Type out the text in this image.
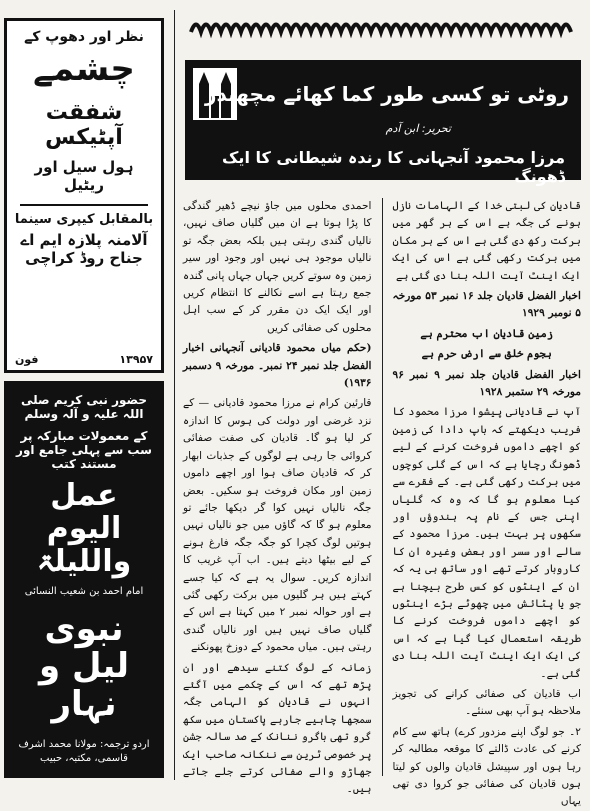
نظر اور دھوپ کے
چشمے
شفقت آپٹیکس
ہول سیل اور ریٹیل
بالمقابل کیپری سینما
آلامنہ پلازہ ایم اے جناح روڈ کراچی
۱۳۹۵۷
فون
حضور نبی کریم صلی اللہ علیہ و آلہ وسلم
کے معمولات مبارکہ پر سب سے پہلی جامع اور مستند کتب
عمل الیوم واللیلۃ
امام احمد بن شعیب النسائی
نبوی لیل و نہار
اردو ترجمہ: مولانا محمد اشرف قاسمی، مکتبہ، حبیب
روٹی تو کسی طور کما کھائے مچھندر
تحریر: ابن آدم
مرزا محمود آنجہانی کا رندہ شیطانی کا ایک ڈھونگ

قادیان کی لبتی خدا کے الہامات نازل ہونے کی جگہ ہے اس کے ہر گھر میں برکت رکھ دی گئی ہے اس کے ہر مکان میں برکت رکھی گئی ہے اس کی ایک ایک اینٹ آیت اللہ بنا دی گئی ہے

اخبار الفضل قادیان جلد ۱۶ نمبر ۵۳ مورخہ ۵ نومبر ۱۹۲۹

زمین قادیان اب محترم ہے

ہجوم خلق سے ارض حرم ہے

اخبار الفضل قادیان جلد نمبر ۹ نمبر ۹۶ مورخہ ۲۹ ستمبر ۱۹۲۸

آپ نے قادیانی پیشوا مرزا محمود کا فریب دیکھتے کہ باپ دادا کی زمین کو اچھے داموں فروخت کرنے کے لیے ڈھونگ رچایا ہے کہ اس کے گلی کوچوں میں برکت رکھی گئی ہے۔ کے فقرے سے کیا معلوم ہو گا کہ وہ کہ گلیاں اپنی جس کے نام پہ ہندوؤں اور سکھوں پر بہت ہیں۔ مرزا محمود کے سالے اور سسر اور بعض وغیرہ ان کا کاروبار کرتے تھے اور ساتھ ہی یہ کہ ان کے اینٹوں کو کس طرح بیچنا ہے جو یا پٹائش میں چھوٹے بڑے اینٹوں کو اچھے داموں فروخت کرنے کا طریقہ استعمال کیا گیا ہے کہ اس کی ایک ایک اینٹ آیت اللہ بنا دی گئی ہے۔

اب قادیان کی صفائی کرانے کی تجویز ملاحظہ ہو آپ بھی سنئے۔

۲۔ جو لوگ اپنے مزدور کرے) ہاتھ سے کام کرنے کی عادت ڈالتے کا موقعہ مطالبہ کر رہا ہوں اور سپیشل قادیان والوں کو لیتا ہوں قادیان کی صفائی جو کروا دی تھی یہاں

احمدی محلوں میں جاؤ نیچے ڈھیر گندگی کا پڑا ہوتا ہے ان میں گلیاں صاف نہیں، نالیاں گندی رہتی ہیں بلکہ بعض جگہ تو نالیاں موجود ہی نہیں اور وجود اور سیر زمین وہ سوتے کریں جہاں جہاں پانی گندہ جمع رہتا ہے اسے نکالنے کا انتظام کریں اور ایک ایک دن مقرر کر کے سب اہل محلوں کی صفائی کریں

(حکم میاں محمود قادیانی آنجہانی اخبار الفضل جلد نمبر ۲۴ نمبر۔ مورخہ ۹ دسمبر ۱۹۳۶)

قارئین کرام نے مرزا محمود قادیانی — کے نزد غرضی اور دولت کی ہوس کا اندازہ کر لیا ہو گا۔ قادیان کی صفت صفائی کروائی جا رہی ہے لوگوں کے جذبات ابھار کر کہ قادیان صاف ہوا اور اچھے داموں زمین اور مکان فروخت ہو سکیں۔ بعض جگہ نالیاں نہیں کوا گر دیکھا جائے تو معلوم ہو گا کہ گاؤں میں جو نالیاں نہیں ہوتیں لوگ کچرا کو جگہ جگہ فارغ ہونے کے لیے بیٹھا دیتے ہیں۔ اب آپ غریب کا اندازہ کریں۔ سوال یہ ہے کہ کیا جسے کہتے ہیں ہر گلیوں میں برکت رکھی گئی ہے اور حوالہ نمبر ۲ میں کہتا ہے اس کے گلیاں صاف نہیں ہیں اور نالیاں گندی رہتی ہیں۔ میاں محمود کے دوزخ پھونکنے

زمانہ کے لوگ کتنے سیدھے اور ان پڑھ تھے کہ اس کے چکمے میں آگئے انہوں نے قادیان کو الہامی جگہ سمجھا چاہیے جارہے پاکستان میں سکھ گرو تھی باگرو ننانک کے صد سالہ جشن پر خصوصی ٹرین سے ننکانہ صاحب ایک جھاڑو والے صفائی کرتے جلے جاتے ہیں۔
